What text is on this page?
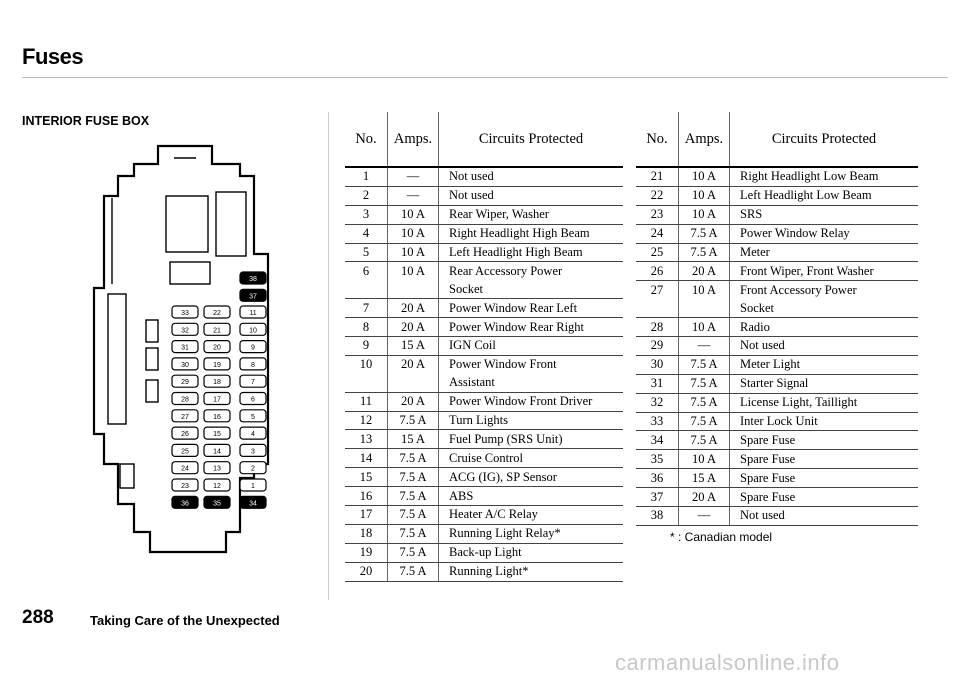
Fuses
INTERIOR FUSE BOX
33
32
31
30
29
28
27
26
25
24
23
36
22
21
20
19
18
17
16
15
14
13
12
35
38
37
11
10
9
8
7
6
5
4
3
2
1
34
No.	Amps.	Circuits Protected
1	—	Not used
2	—	Not used
3	10 A	Rear Wiper, Washer
4	10 A	Right Headlight High Beam
5	10 A	Left Headlight High Beam
6	10 A	Rear Accessory Power
		Socket
7	20 A	Power Window Rear Left
8	20 A	Power Window Rear Right
9	15 A	IGN Coil
10	20 A	Power Window Front
		Assistant
11	20 A	Power Window Front Driver
12	7.5 A	Turn Lights
13	15 A	Fuel Pump (SRS Unit)
14	7.5 A	Cruise Control
15	7.5 A	ACG (IG), SP Sensor
16	7.5 A	ABS
17	7.5 A	Heater A/C Relay
18	7.5 A	Running Light Relay*
19	7.5 A	Back-up Light
20	7.5 A	Running Light*
No.	Amps.	Circuits Protected
21	10 A	Right Headlight Low Beam
22	10 A	Left Headlight Low Beam
23	10 A	SRS
24	7.5 A	Power Window Relay
25	7.5 A	Meter
26	20 A	Front Wiper, Front Washer
27	10 A	Front Accessory Power
		Socket
28	10 A	Radio
29	—	Not used
30	7.5 A	Meter Light
31	7.5 A	Starter Signal
32	7.5 A	License Light, Taillight
33	7.5 A	Inter Lock Unit
34	7.5 A	Spare Fuse
35	10 A	Spare Fuse
36	15 A	Spare Fuse
37	20 A	Spare Fuse
38	—	Not used
* : Canadian model
288	Taking Care of the Unexpected
carmanualsonline.info
